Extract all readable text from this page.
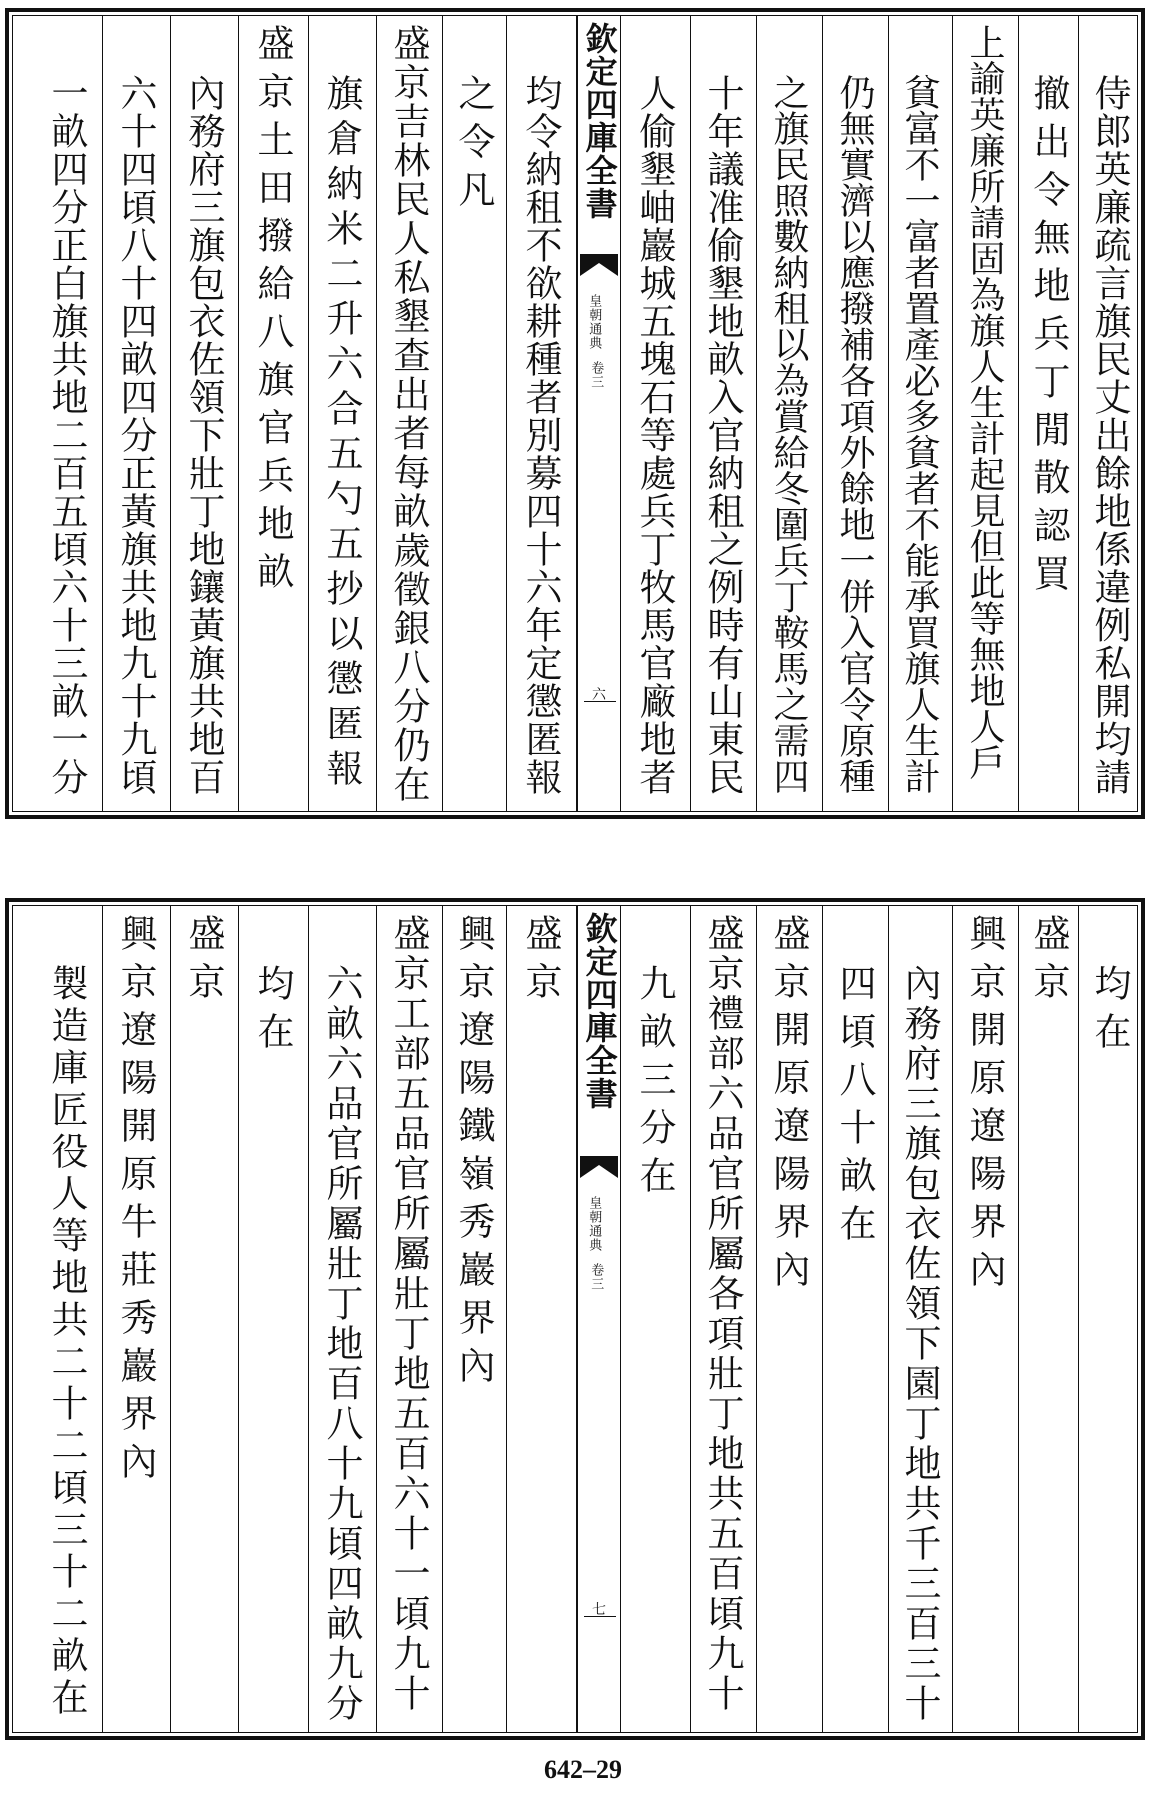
侍郎英廉疏言旗民丈出餘地係違例私開均請
撤出令無地兵丁閒散認買
上諭英廉所請固為旗人生計起見但此等無地人戶
貧富不一富者置產必多貧者不能承買旗人生計
仍無實濟以應撥補各項外餘地一併入官令原種
之旗民照數納租以為賞給冬圍兵丁鞍馬之需四
十年議准偷墾地畝入官納租之例時有山東民
人偷墾岫巖城五塊石等處兵丁牧馬官廠地者
欽定四庫全書
皇朝通典
卷三
六
均令納租不欲耕種者別募四十六年定懲匿報
之令凡
盛京吉林民人私墾查出者每畝歲徵銀八分仍在
旗倉納米二升六合五勺五抄以懲匿報
盛京土田撥給八旗官兵地畝
內務府三旗包衣佐領下壯丁地鑲黃旗共地百
六十四頃八十四畝四分正黃旗共地九十九頃
一畝四分正白旗共地二百五頃六十三畝一分
均在
盛京
興京開原遼陽界內
內務府三旗包衣佐領下園丁地共千三百三十
四頃八十畝在
盛京開原遼陽界內
盛京禮部六品官所屬各項壯丁地共五百頃九十
九畝三分在
欽定四庫全書
皇朝通典
卷三
七
盛京
興京遼陽鐵嶺秀巖界內
盛京工部五品官所屬壯丁地五百六十一頃九十
六畝六品官所屬壯丁地百八十九頃四畝九分
均在
盛京
興京遼陽開原牛莊秀巖界內
製造庫匠役人等地共二十二頃三十二畝在
642–29
